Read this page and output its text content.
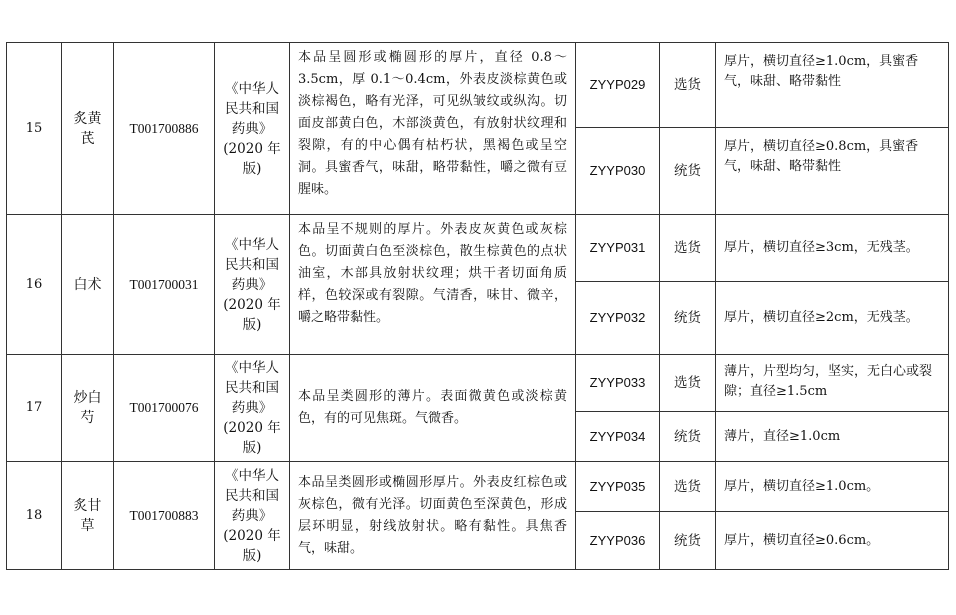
15	炙黄
芪	T001700886	《中华人
民共和国
药典》
(2020 年
版)	本品呈圆形或椭圆形的厚片，直径 0.8～3.5cm，厚 0.1～0.4cm，外表皮淡棕黄色或淡棕褐色，略有光泽，可见纵皱纹或纵沟。切面皮部黄白色，木部淡黄色，有放射状纹理和裂隙，有的中心偶有枯朽状，黑褐色或呈空洞。具蜜香气，味甜，略带黏性，嚼之微有豆腥味。	ZYYP029	选货	厚片，横切直径≥1.0cm，具蜜香气，味甜、略带黏性
					ZYYP030	统货	厚片，横切直径≥0.8cm，具蜜香气，味甜、略带黏性
16	白术	T001700031	《中华人
民共和国
药典》
(2020 年
版)	本品呈不规则的厚片。外表皮灰黄色或灰棕色。切面黄白色至淡棕色，散生棕黄色的点状油室，木部具放射状纹理；烘干者切面角质样，色较深或有裂隙。气清香，味甘、微辛，嚼之略带黏性。	ZYYP031	选货	厚片，横切直径≥3cm，无残茎。
					ZYYP032	统货	厚片，横切直径≥2cm，无残茎。
17	炒白
芍	T001700076	《中华人
民共和国
药典》
(2020 年
版)	本品呈类圆形的薄片。表面微黄色或淡棕黄色，有的可见焦斑。气微香。	ZYYP033	选货	薄片，片型均匀，坚实，无白心或裂隙；直径≥1.5cm
					ZYYP034	统货	薄片，直径≥1.0cm
18	炙甘
草	T001700883	《中华人
民共和国
药典》
(2020 年
版)	本品呈类圆形或椭圆形厚片。外表皮红棕色或灰棕色，微有光泽。切面黄色至深黄色，形成层环明显，射线放射状。略有黏性。具焦香气，味甜。	ZYYP035	选货	厚片，横切直径≥1.0cm。
					ZYYP036	统货	厚片，横切直径≥0.6cm。
